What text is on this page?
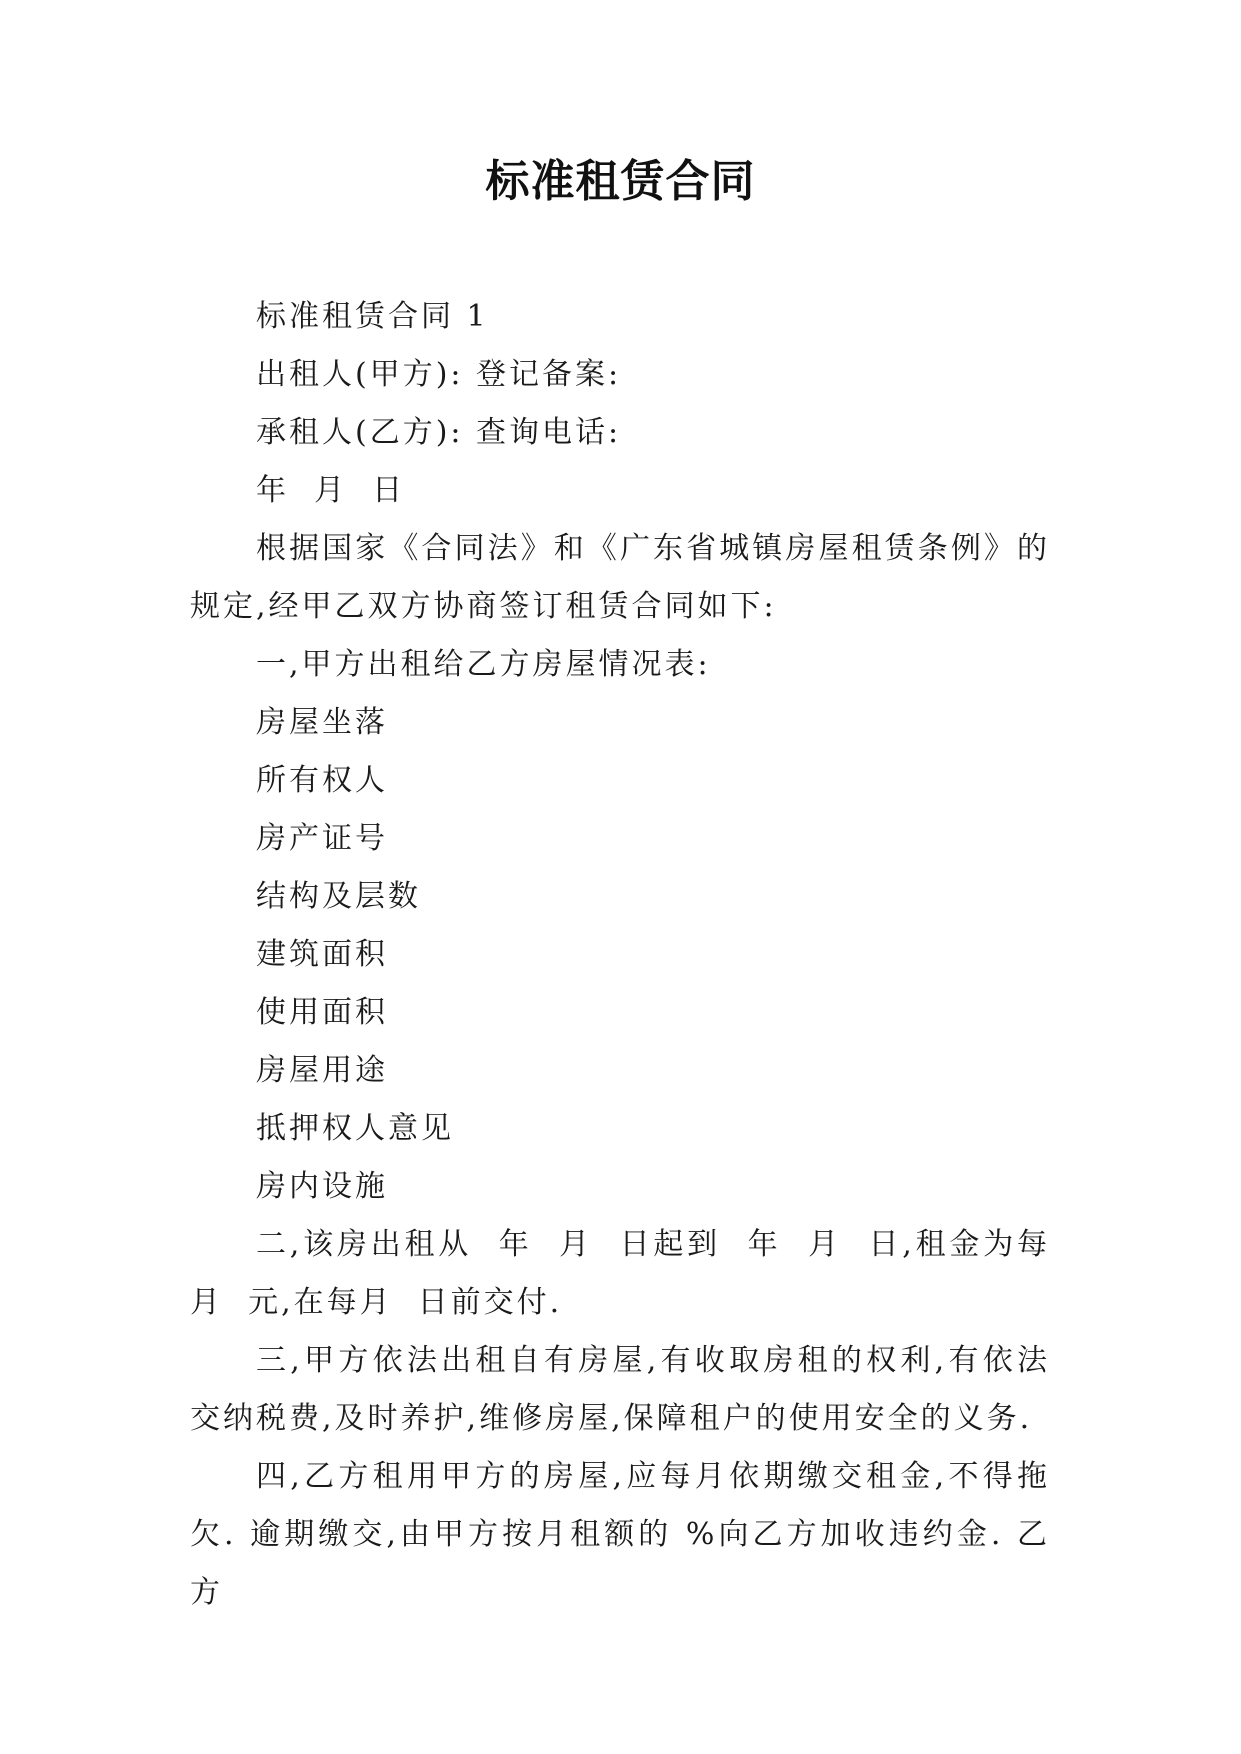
标准租赁合同

标准租赁合同 1

出租人(甲方): 登记备案:

承租人(乙方): 查询电话:

年  月  日

根据国家《合同法》和《广东省城镇房屋租赁条例》的规定,经甲乙双方协商签订租赁合同如下:

一,甲方出租给乙方房屋情况表:

房屋坐落

所有权人

房产证号

结构及层数

建筑面积

使用面积

房屋用途

抵押权人意见

房内设施

二,该房出租从  年  月  日起到  年  月  日,租金为每月  元,在每月  日前交付.

三,甲方依法出租自有房屋,有收取房租的权利,有依法交纳税费,及时养护,维修房屋,保障租户的使用安全的义务.

四,乙方租用甲方的房屋,应每月依期缴交租金,不得拖欠. 逾期缴交,由甲方按月租额的 %向乙方加收违约金. 乙方
